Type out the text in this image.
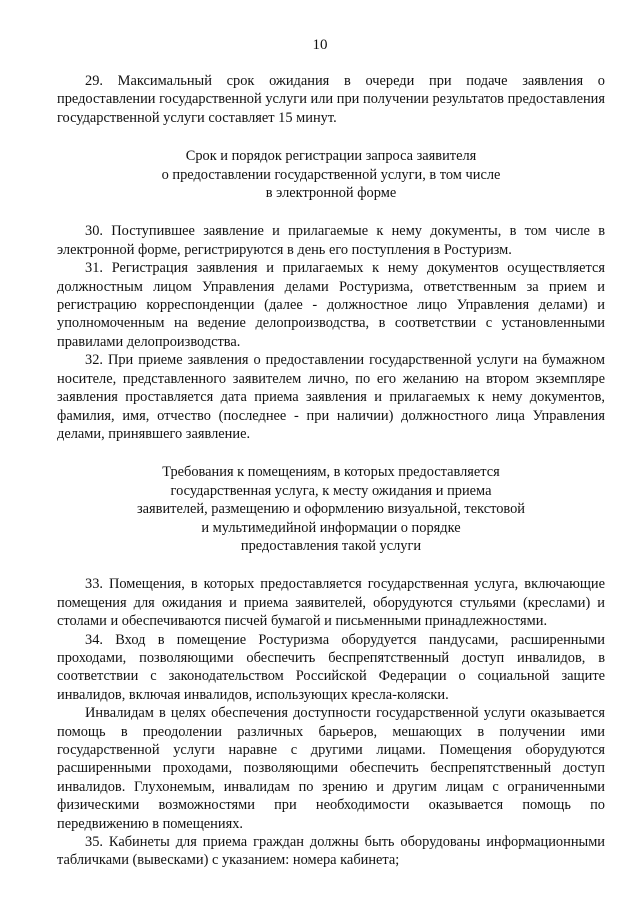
10

29. Максимальный срок ожидания в очереди при подаче заявления о предоставлении государственной услуги или при получении результатов предоставления государственной услуги составляет 15 минут.

Срок и порядок регистрации запроса заявителя
о предоставлении государственной услуги, в том числе
в электронной форме

30. Поступившее заявление и прилагаемые к нему документы, в том числе в электронной форме, регистрируются в день его поступления в Ростуризм.

31. Регистрация заявления и прилагаемых к нему документов осуществляется должностным лицом Управления делами Ростуризма, ответственным за прием и регистрацию корреспонденции (далее - должностное лицо Управления делами) и уполномоченным на ведение делопроизводства, в соответствии с установленными правилами делопроизводства.

32. При приеме заявления о предоставлении государственной услуги на бумажном носителе, представленного заявителем лично, по его желанию на втором экземпляре заявления проставляется дата приема заявления и прилагаемых к нему документов, фамилия, имя, отчество (последнее - при наличии) должностного лица Управления делами, принявшего заявление.

Требования к помещениям, в которых предоставляется
государственная услуга, к месту ожидания и приема
заявителей, размещению и оформлению визуальной, текстовой
и мультимедийной информации о порядке
предоставления такой услуги

33. Помещения, в которых предоставляется государственная услуга, включающие помещения для ожидания и приема заявителей, оборудуются стульями (креслами) и столами и обеспечиваются писчей бумагой и письменными принадлежностями.

34. Вход в помещение Ростуризма оборудуется пандусами, расширенными проходами, позволяющими обеспечить беспрепятственный доступ инвалидов, в соответствии с законодательством Российской Федерации о социальной защите инвалидов, включая инвалидов, использующих кресла-коляски.

Инвалидам в целях обеспечения доступности государственной услуги оказывается помощь в преодолении различных барьеров, мешающих в получении ими государственной услуги наравне с другими лицами. Помещения оборудуются расширенными проходами, позволяющими обеспечить беспрепятственный доступ инвалидов. Глухонемым, инвалидам по зрению и другим лицам с ограниченными физическими возможностями при необходимости оказывается помощь по передвижению в помещениях.

35. Кабинеты для приема граждан должны быть оборудованы информационными табличками (вывесками) с указанием: номера кабинета;
